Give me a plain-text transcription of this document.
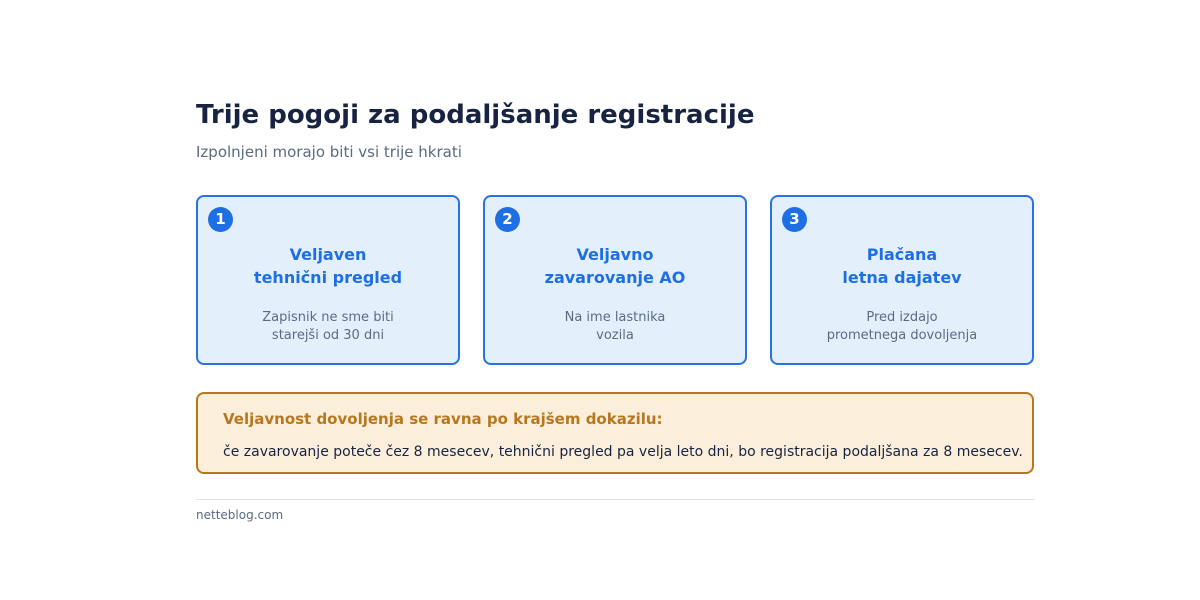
Trije pogoji za podaljšanje registracije
Izpolnjeni morajo biti vsi trije hkrati
1
Veljaven
tehnični pregled
Zapisnik ne sme biti
starejši od 30 dni
2
Veljavno
zavarovanje AO
Na ime lastnika
vozila
3
Plačana
letna dajatev
Pred izdajo
prometnega dovoljenja
Veljavnost dovoljenja se ravna po krajšem dokazilu:
če zavarovanje poteče čez 8 mesecev, tehnični pregled pa velja leto dni, bo registracija podaljšana za 8 mesecev.
netteblog.com
